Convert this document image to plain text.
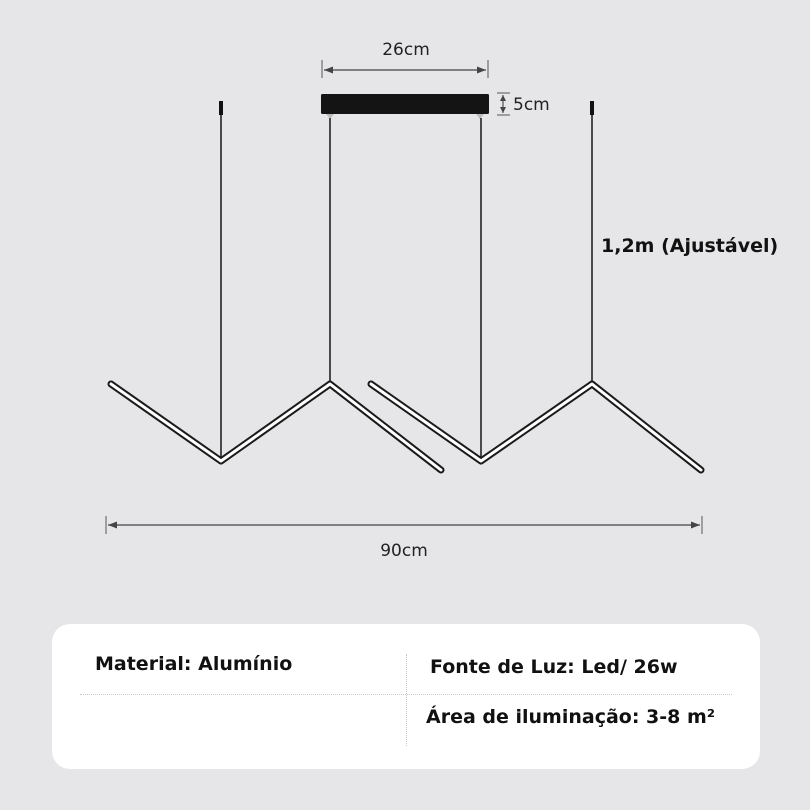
26cm
5cm
1,2m (Ajustável)
90cm
Material: Alumínio	Fonte de Luz: Led/ 26w
Área de iluminação: 3-8 m²
